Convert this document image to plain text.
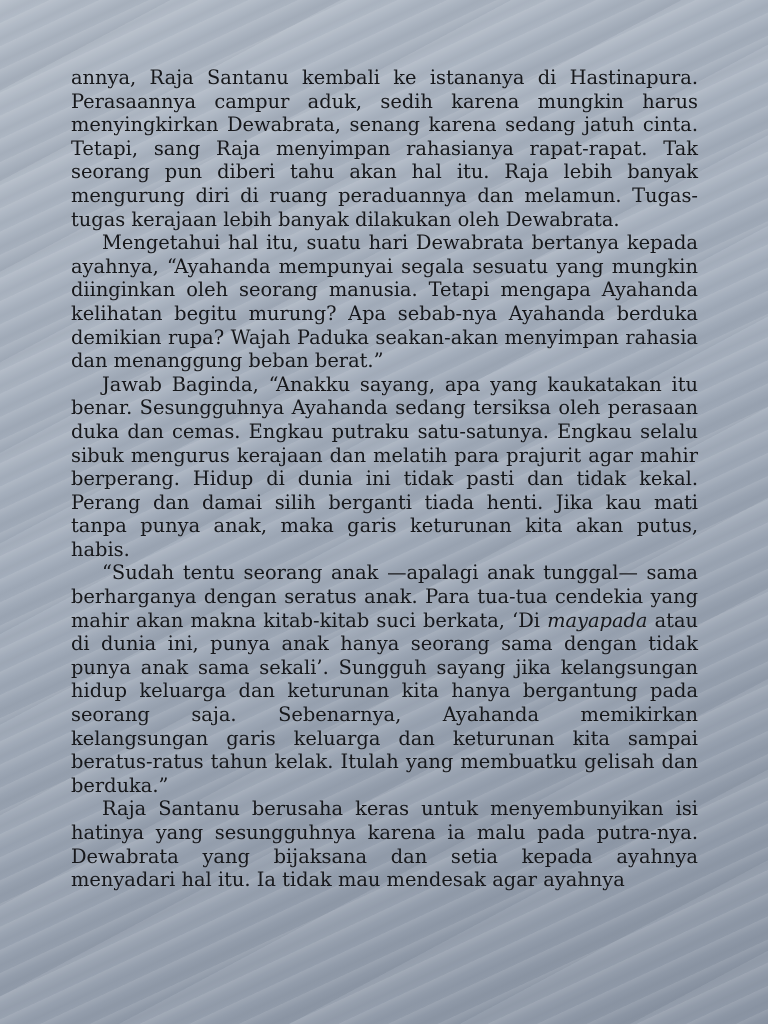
annya, Raja Santanu kembali ke istananya di Hastinapura. Perasaannya campur aduk, sedih karena mungkin harus menyingkirkan Dewabrata, senang karena sedang jatuh cinta. Tetapi, sang Raja menyimpan rahasianya rapat-rapat. Tak seorang pun diberi tahu akan hal itu. Raja lebih banyak mengurung diri di ruang peraduannya dan melamun. Tugas-tugas kerajaan lebih banyak dilakukan oleh Dewabrata.

Mengetahui hal itu, suatu hari Dewabrata bertanya kepada ayahnya, “Ayahanda mempunyai segala sesuatu yang mungkin diinginkan oleh seorang manusia. Tetapi mengapa Ayahanda kelihatan begitu murung? Apa sebab-nya Ayahanda berduka demikian rupa? Wajah Paduka seakan-akan menyimpan rahasia dan menanggung beban berat.”

Jawab Baginda, “Anakku sayang, apa yang kaukatakan itu benar. Sesungguhnya Ayahanda sedang tersiksa oleh perasaan duka dan cemas. Engkau putraku satu-satunya. Engkau selalu sibuk mengurus kerajaan dan melatih para prajurit agar mahir berperang. Hidup di dunia ini tidak pasti dan tidak kekal. Perang dan damai silih berganti tiada henti. Jika kau mati tanpa punya anak, maka garis keturunan kita akan putus, habis.

“Sudah tentu seorang anak —apalagi anak tunggal— sama berharganya dengan seratus anak. Para tua-tua cendekia yang mahir akan makna kitab-kitab suci berkata, ‘Di mayapada atau di dunia ini, punya anak hanya seorang sama dengan tidak punya anak sama sekali’. Sungguh sayang jika kelangsungan hidup keluarga dan keturunan kita hanya bergantung pada seorang saja. Sebenarnya, Ayahanda memikirkan kelangsungan garis keluarga dan keturunan kita sampai beratus-ratus tahun kelak. Itulah yang membuatku gelisah dan berduka.”

Raja Santanu berusaha keras untuk menyembunyikan isi hatinya yang sesungguhnya karena ia malu pada putra-nya. Dewabrata yang bijaksana dan setia kepada ayahnya menyadari hal itu. Ia tidak mau mendesak agar ayahnya
